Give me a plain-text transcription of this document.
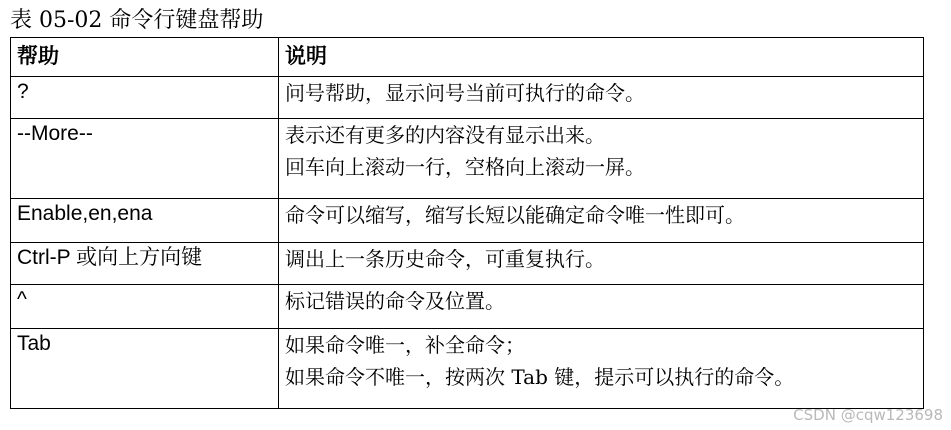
表 05-02 命令行键盘帮助
帮助	说明
?	问号帮助，显示问号当前可执行的命令。

--More--	表示还有更多的内容没有显示出来。
回车向上滚动一行，空格向上滚动一屏。

Enable,en,ena	命令可以缩写，缩写长短以能确定命令唯一性即可。

Ctrl-P 或向上方向键	调出上一条历史命令，可重复执行。

^	标记错误的命令及位置。

Tab	如果命令唯一，补全命令；
如果命令不唯一，按两次 Tab 键，提示可以执行的命令。
CSDN @cqw123698
